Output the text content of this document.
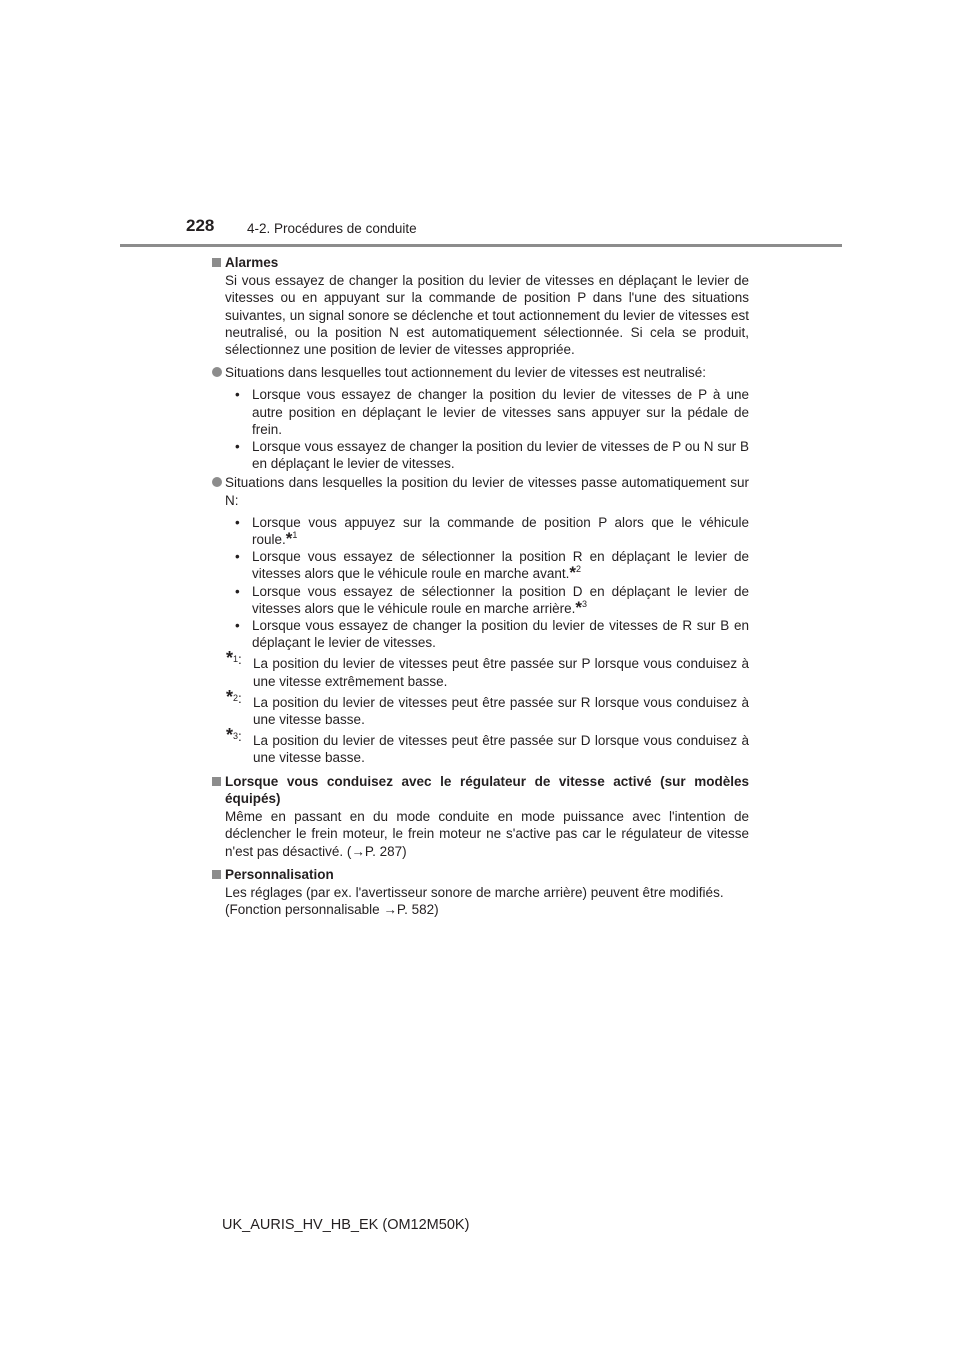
228 4-2. Procédures de conduite
Alarmes
Si vous essayez de changer la position du levier de vitesses en déplaçant le levier de vitesses ou en appuyant sur la commande de position P dans l'une des situations suivantes, un signal sonore se déclenche et tout actionnement du levier de vitesses est neutralisé, ou la position N est automatiquement sélectionnée. Si cela se produit, sélectionnez une position de levier de vitesses appropriée.
Situations dans lesquelles tout actionnement du levier de vitesses est neutralisé:
• Lorsque vous essayez de changer la position du levier de vitesses de P à une autre position en déplaçant le levier de vitesses sans appuyer sur la pédale de frein.
• Lorsque vous essayez de changer la position du levier de vitesses de P ou N sur B en déplaçant le levier de vitesses.
Situations dans lesquelles la position du levier de vitesses passe automatiquement sur N:
• Lorsque vous appuyez sur la commande de position P alors que le véhicule roule.*$^1$
• Lorsque vous essayez de sélectionner la position R en déplaçant le levier de vitesses alors que le véhicule roule en marche avant.*$^2$
• Lorsque vous essayez de sélectionner la position D en déplaçant le levier de vitesses alors que le véhicule roule en marche arrière.*$^3$
• Lorsque vous essayez de changer la position du levier de vitesses de R sur B en déplaçant le levier de vitesses.
*$^1$: La position du levier de vitesses peut être passée sur P lorsque vous conduisez à une vitesse extrêmement basse.
*$^2$: La position du levier de vitesses peut être passée sur R lorsque vous conduisez à une vitesse basse.
*$^3$: La position du levier de vitesses peut être passée sur D lorsque vous conduisez à une vitesse basse.
Lorsque vous conduisez avec le régulateur de vitesse activé (sur modèles équipés)
Même en passant en du mode conduite en mode puissance avec l'intention de déclencher le frein moteur, le frein moteur ne s'active pas car le régulateur de vitesse n'est pas désactivé. (→P. 287)
Personnalisation
Les réglages (par ex. l'avertisseur sonore de marche arrière) peuvent être modifiés.
(Fonction personnalisable →P. 582)
UK_AURIS_HV_HB_EK (OM12M50K)
